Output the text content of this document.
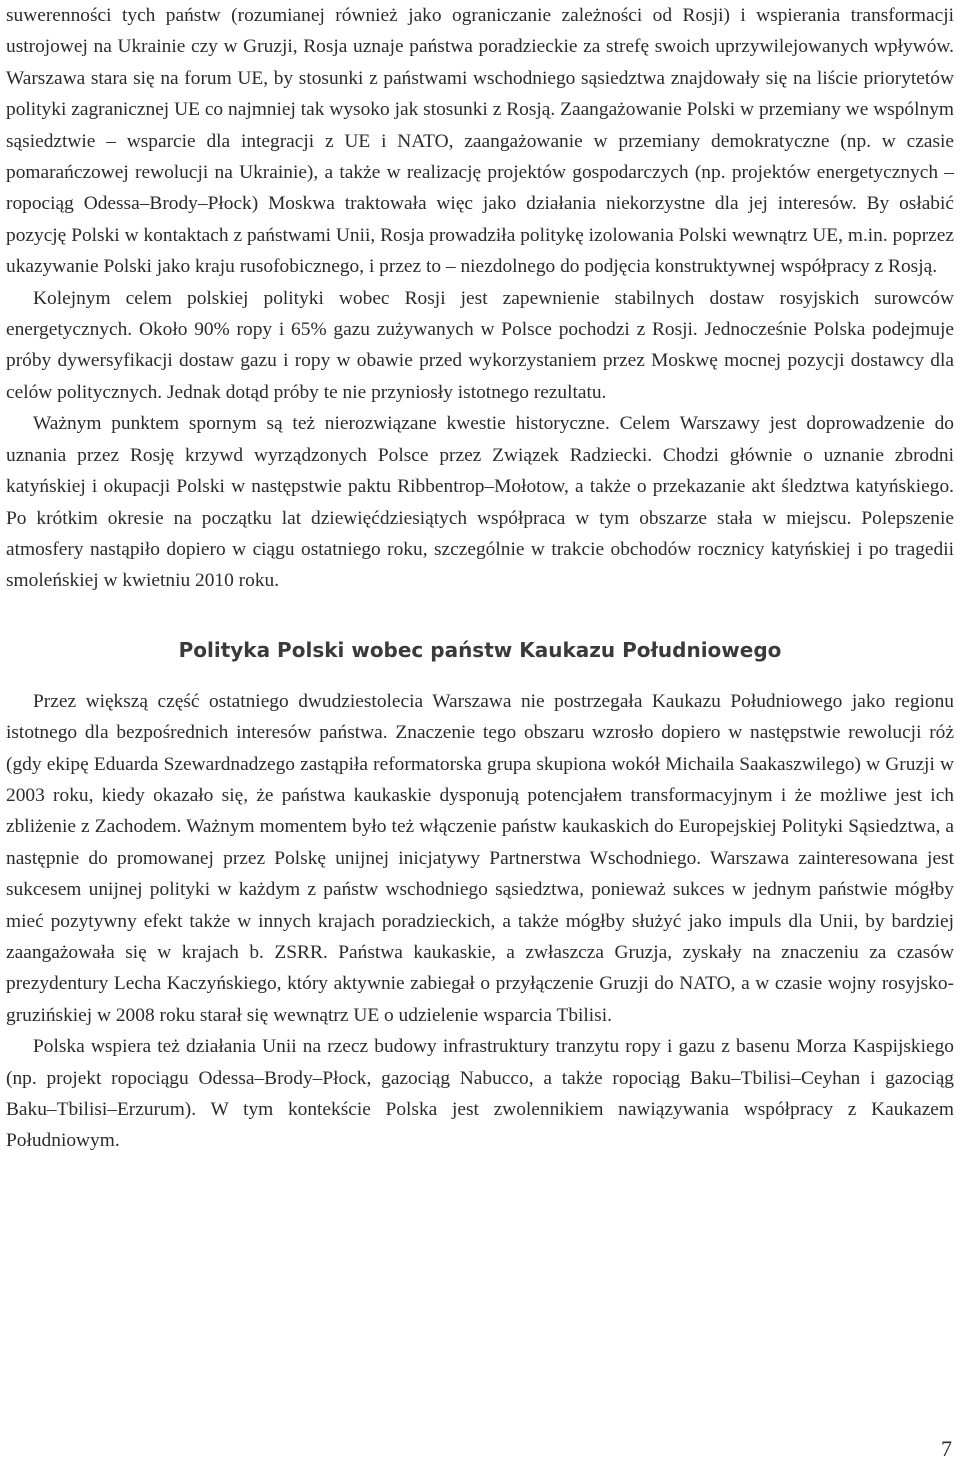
suwerenności tych państw (rozumianej również jako ograniczanie zależności od Rosji) i wspierania transformacji ustrojowej na Ukrainie czy w Gruzji, Rosja uznaje państwa poradzieckie za strefę swoich uprzywilejowanych wpływów. Warszawa stara się na forum UE, by stosunki z państwami wschodniego sąsiedztwa znajdowały się na liście priorytetów polityki zagranicznej UE co najmniej tak wysoko jak stosunki z Rosją. Zaangażowanie Polski w przemiany we wspólnym sąsiedztwie – wsparcie dla integracji z UE i NATO, zaangażowanie w przemiany demokratyczne (np. w czasie pomarańczowej rewolucji na Ukrainie), a także w realizację projektów gospodarczych (np. projektów energetycznych – ropociąg Odessa–Brody–Płock) Moskwa traktowała więc jako działania niekorzystne dla jej interesów. By osłabić pozycję Polski w kontaktach z państwami Unii, Rosja prowadziła politykę izolowania Polski wewnątrz UE, m.in. poprzez ukazywanie Polski jako kraju rusofobicznego, i przez to – niezdolnego do podjęcia konstruktywnej współpracy z Rosją.

Kolejnym celem polskiej polityki wobec Rosji jest zapewnienie stabilnych dostaw rosyjskich surowców energetycznych. Około 90% ropy i 65% gazu zużywanych w Polsce pochodzi z Rosji. Jednocześnie Polska podejmuje próby dywersyfikacji dostaw gazu i ropy w obawie przed wykorzystaniem przez Moskwę mocnej pozycji dostawcy dla celów politycznych. Jednak dotąd próby te nie przyniosły istotnego rezultatu.

Ważnym punktem spornym są też nierozwiązane kwestie historyczne. Celem Warszawy jest doprowadzenie do uznania przez Rosję krzywd wyrządzonych Polsce przez Związek Radziecki. Chodzi głównie o uznanie zbrodni katyńskiej i okupacji Polski w następstwie paktu Ribbentrop–Mołotow, a także o przekazanie akt śledztwa katyńskiego. Po krótkim okresie na początku lat dziewięćdziesiątych współpraca w tym obszarze stała w miejscu. Polepszenie atmosfery nastąpiło dopiero w ciągu ostatniego roku, szczególnie w trakcie obchodów rocznicy katyńskiej i po tragedii smoleńskiej w kwietniu 2010 roku.

Polityka Polski wobec państw Kaukazu Południowego

Przez większą część ostatniego dwudziestolecia Warszawa nie postrzegała Kaukazu Południowego jako regionu istotnego dla bezpośrednich interesów państwa. Znaczenie tego obszaru wzrosło dopiero w następstwie rewolucji róż (gdy ekipę Eduarda Szewardnadzego zastąpiła reformatorska grupa skupiona wokół Michaila Saakaszwilego) w Gruzji w 2003 roku, kiedy okazało się, że państwa kaukaskie dysponują potencjałem transformacyjnym i że możliwe jest ich zbliżenie z Zachodem. Ważnym momentem było też włączenie państw kaukaskich do Europejskiej Polityki Sąsiedztwa, a następnie do promowanej przez Polskę unijnej inicjatywy Partnerstwa Wschodniego. Warszawa zainteresowana jest sukcesem unijnej polityki w każdym z państw wschodniego sąsiedztwa, ponieważ sukces w jednym państwie mógłby mieć pozytywny efekt także w innych krajach poradzieckich, a także mógłby służyć jako impuls dla Unii, by bardziej zaangażowała się w krajach b. ZSRR. Państwa kaukaskie, a zwłaszcza Gruzja, zyskały na znaczeniu za czasów prezydentury Lecha Kaczyńskiego, który aktywnie zabiegał o przyłączenie Gruzji do NATO, a w czasie wojny rosyjsko-gruzińskiej w 2008 roku starał się wewnątrz UE o udzielenie wsparcia Tbilisi.

Polska wspiera też działania Unii na rzecz budowy infrastruktury tranzytu ropy i gazu z basenu Morza Kaspijskiego (np. projekt ropociągu Odessa–Brody–Płock, gazociąg Nabucco, a także ropociąg Baku–Tbilisi–Ceyhan i gazociąg Baku–Tbilisi–Erzurum). W tym kontekście Polska jest zwolennikiem nawiązywania współpracy z Kaukazem Południowym.

7
